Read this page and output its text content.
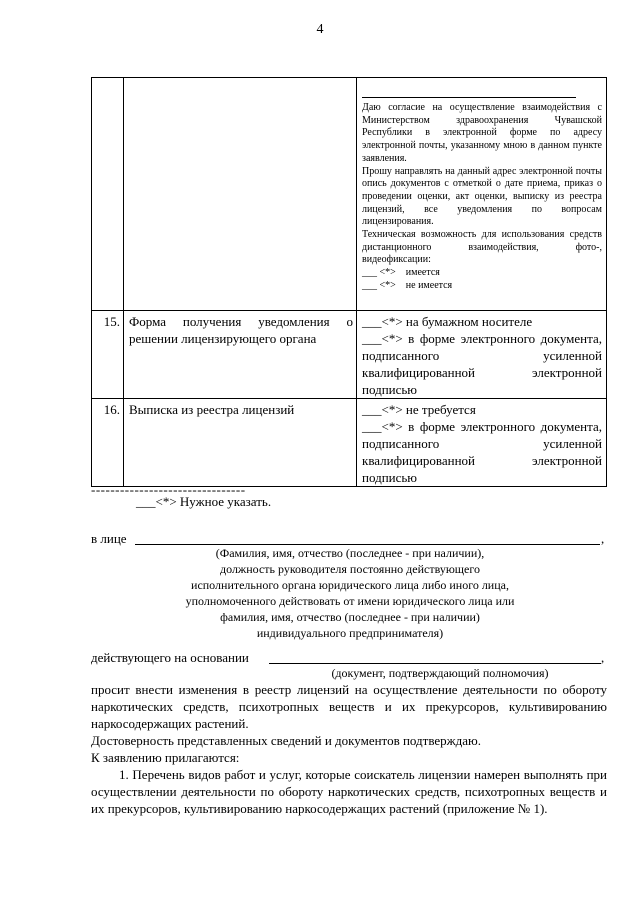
4

		Даю согласие на осуществление взаимодействия с Министерством здравоохранения Чувашской Республики в электронной форме по адресу электронной почты, указанному мною в данном пункте заявления.

Прошу направлять на данный адрес электронной почты опись документов с отметкой о дате приема, приказ о проведении оценки, акт оценки, выписку из реестра лицензий, все уведомления по вопросам лицензирования.

Техническая возможность для использования средств дистанционного взаимодействия, фото-, видеофиксации:

___ <*>    имеется

___ <*>    не имеется

15.	Форма получения уведомления о решении лицензирующего органа	___<*> на бумажном носителе

___<*> в форме электронного документа, подписанного усиленной квалифицированной электронной подписью

16.	Выписка из реестра лицензий	___<*> не требуется

___<*> в форме электронного документа, подписанного усиленной квалифицированной электронной подписью

--------------------------------
___<*> Нужное указать.
в лице	,
(Фамилия, имя, отчество (последнее - при наличии),
должность руководителя постоянно действующего
исполнительного органа юридического лица либо иного лица,
уполномоченного действовать от имени юридического лица или
фамилия, имя, отчество (последнее - при наличии)
индивидуального предпринимателя)
действующего на основании	,
(документ, подтверждающий полномочия)

просит внести изменения в реестр лицензий на осуществление деятельности по обороту наркотических средств, психотропных веществ и их прекурсоров, культивированию наркосодержащих растений.

Достоверность представленных сведений и документов подтверждаю.

К заявлению прилагаются:

1. Перечень видов работ и услуг, которые соискатель лицензии намерен выполнять при осуществлении деятельности по обороту наркотических средств, психотропных веществ и их прекурсоров, культивированию наркосодержащих растений (приложение № 1).
